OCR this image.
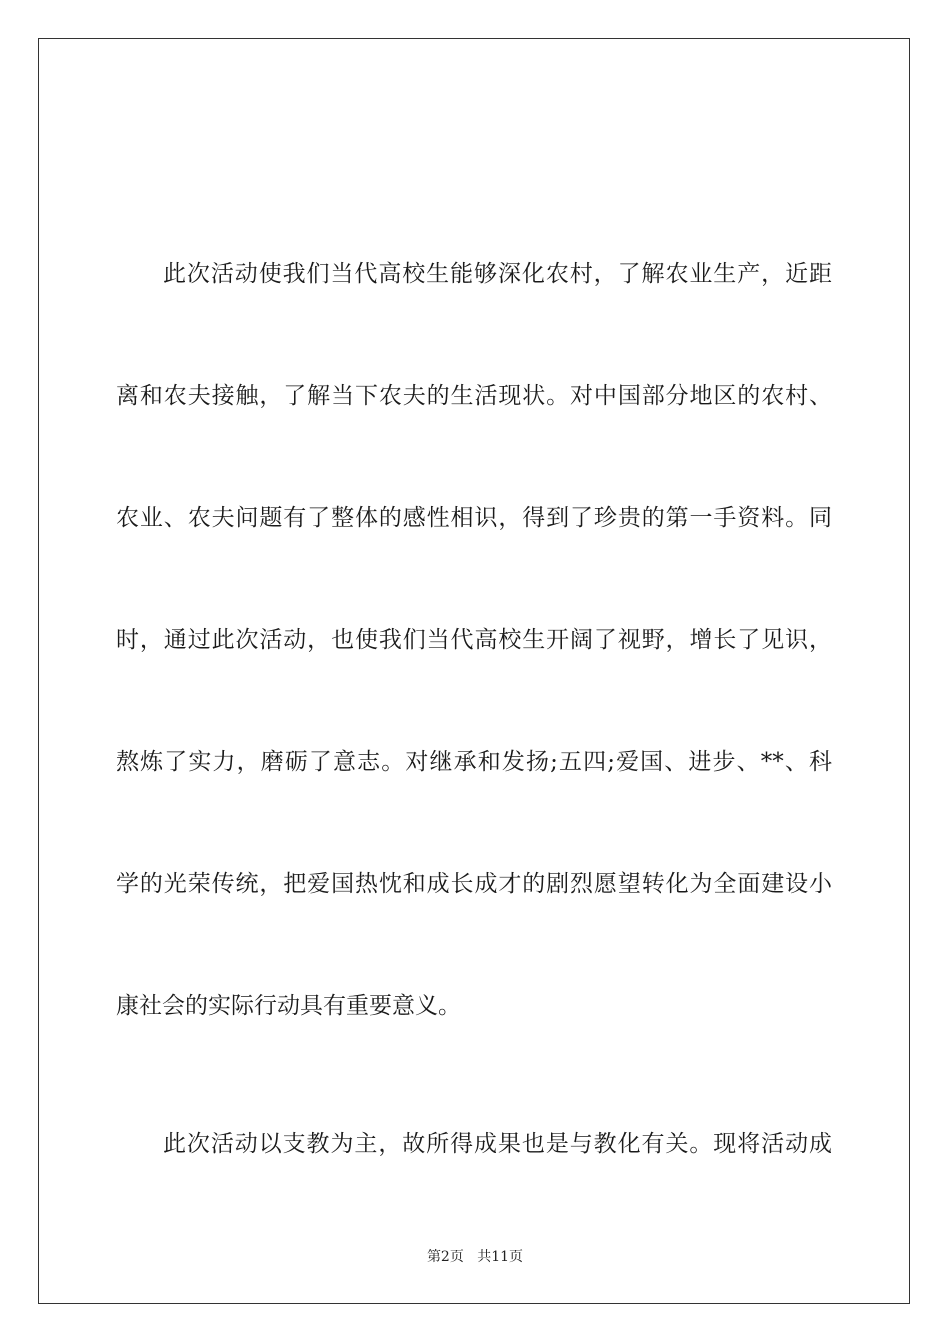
此次活动使我们当代高校生能够深化农村，了解农业生产，近距
离和农夫接触，了解当下农夫的生活现状。对中国部分地区的农村、
农业、农夫问题有了整体的感性相识，得到了珍贵的第一手资料。同
时，通过此次活动，也使我们当代高校生开阔了视野，增长了见识，
熬炼了实力，磨砺了意志。对继承和发扬;五四;爱国、进步、**、科
学的光荣传统，把爱国热忱和成长成才的剧烈愿望转化为全面建设小
康社会的实际行动具有重要意义。
此次活动以支教为主，故所得成果也是与教化有关。现将活动成
第2页 共11页
